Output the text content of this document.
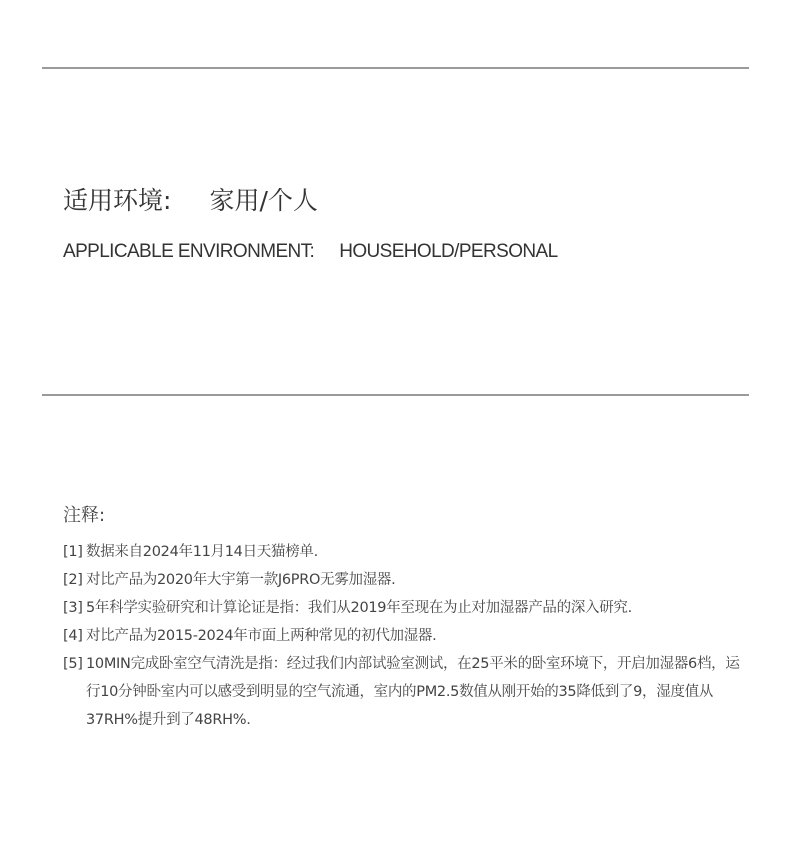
适用环境: 家用/个人
APPLICABLE ENVIRONMENT: HOUSEHOLD/PERSONAL
注释:
[1] 数据来自2024年11月14日天猫榜单.
[2] 对比产品为2020年大宇第一款J6PRO无雾加湿器.
[3] 5年科学实验研究和计算论证是指：我们从2019年至现在为止对加湿器产品的深入研究.
[4] 对比产品为2015-2024年市面上两种常见的初代加湿器.
[5] 10MIN完成卧室空气清洗是指：经过我们内部试验室测试，在25平米的卧室环境下，开启加湿器6档，运行10分钟卧室内可以感受到明显的空气流通，室内的PM2.5数值从刚开始的35降低到了9，湿度值从37RH%提升到了48RH%.
